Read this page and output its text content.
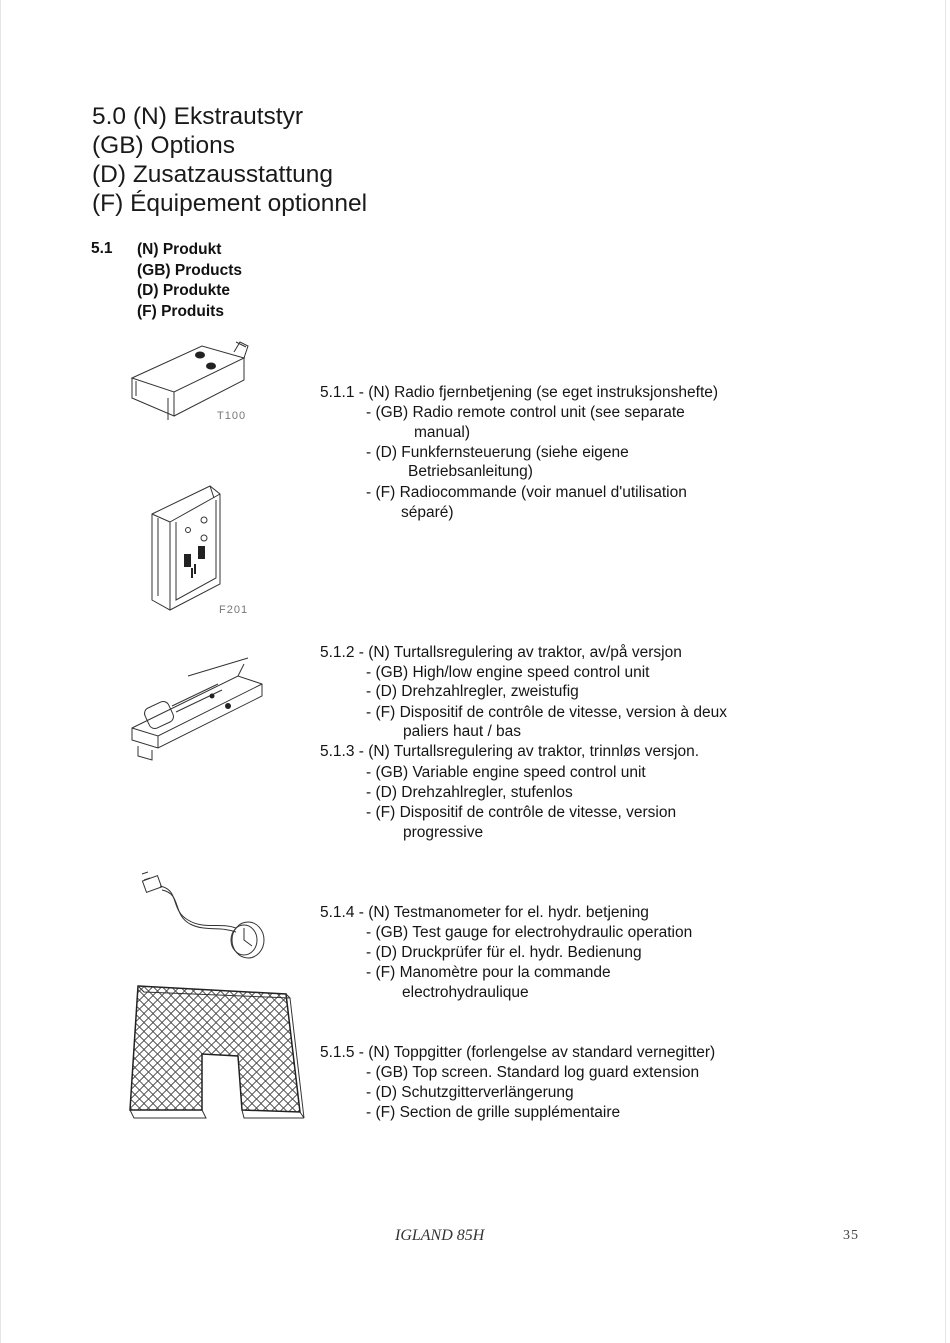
5.0 (N) Ekstrautstyr
(GB) Options
(D) Zusatzausstattung
(F) Équipement optionnel
5.1 (N) Produkt
(GB) Products
(D) Produkte
(F) Produits
T100
F201
5.1.1 - (N) Radio fjernbetjening (se eget instruksjonshefte)
- (GB) Radio remote control unit (see separate
manual)
- (D) Funkfernsteuerung (siehe eigene
Betriebsanleitung)
- (F) Radiocommande (voir manuel d'utilisation
séparé)
5.1.2 - (N) Turtallsregulering av traktor, av/på versjon
- (GB) High/low engine speed control unit
- (D) Drehzahlregler, zweistufig
- (F) Dispositif de contrôle de vitesse, version à deux
paliers haut / bas
5.1.3 - (N) Turtallsregulering av traktor, trinnløs versjon.
- (GB) Variable engine speed control unit
- (D) Drehzahlregler, stufenlos
- (F) Dispositif de contrôle de vitesse, version
progressive
5.1.4 - (N) Testmanometer for el. hydr. betjening
- (GB) Test gauge for electrohydraulic operation
- (D) Druckprüfer für el. hydr. Bedienung
- (F) Manomètre pour la commande
electrohydraulique
5.1.5 - (N) Toppgitter (forlengelse av standard vernegitter)
- (GB) Top screen. Standard log guard extension
- (D) Schutzgitterverlängerung
- (F) Section de grille supplémentaire
IGLAND 85H	35
